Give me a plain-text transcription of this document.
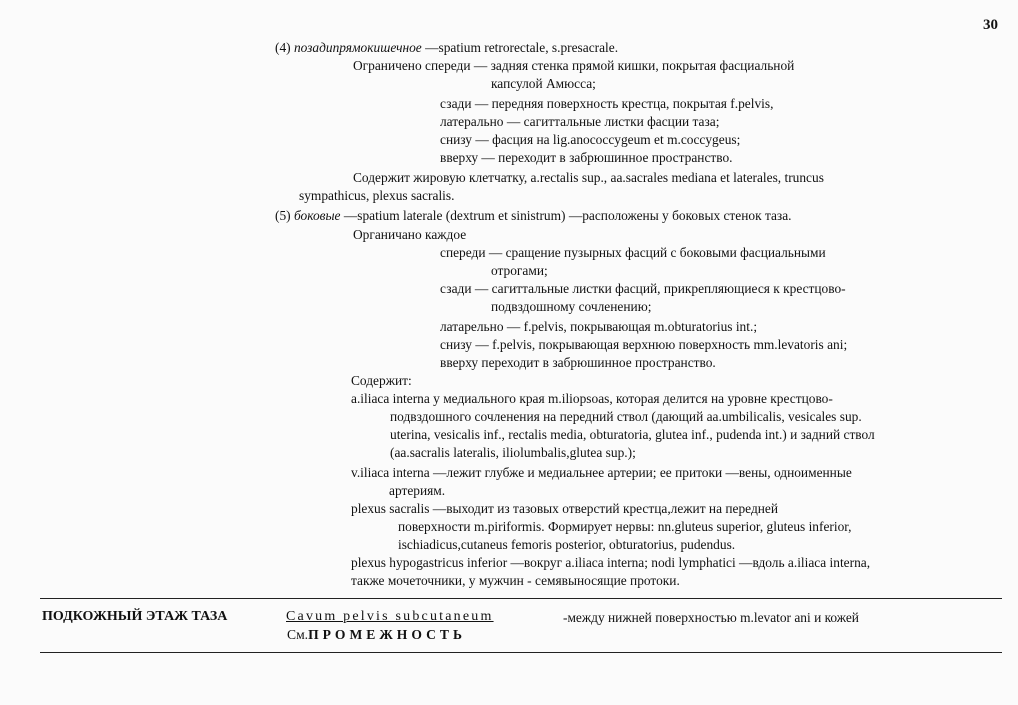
30
(4) позадипрямокишечное —spatium retrorectale, s.presacrale.
Ограничено спереди — задняя стенка прямой кишки, покрытая фасциальной
капсулой Амюсса;
сзади — передняя поверхность крестца, покрытая f.pelvis,
латерально — сагиттальные листки фасции таза;
снизу — фасция на lig.anococcygeum et m.coccygeus;
вверху — переходит в забрюшинное пространство.
Содержит жировую клетчатку, a.rectalis sup., aa.sacrales mediana et laterales, truncus
sympathicus, plexus sacralis.
(5) боковые —spatium laterale (dextrum et sinistrum) —расположены у боковых стенок таза.
Органичано каждое
спереди — сращение пузырных фасций с боковыми фасциальными
отрогами;
сзади — сагиттальные листки фасций, прикрепляющиеся к крестцово-
подвздошному сочленению;
латарельно — f.pelvis, покрывающая m.obturatorius int.;
снизу — f.pelvis, покрывающая верхнюю поверхность mm.levatoris ani;
вверху переходит в забрюшинное пространство.
Содержит:
a.iliaca interna у медиального края m.iliopsoas, которая делится на уровне крестцово-
подвздошного сочленения на передний ствол (дающий aa.umbilicalis, vesicales sup.
uterina, vesicalis inf., rectalis media, obturatoria, glutea inf., pudenda int.) и задний ствол
(aa.sacralis lateralis, iliolumbalis,glutea sup.);
v.iliaca interna —лежит глубже и медиальнее артерии; ее притоки —вены, одноименные
артериям.
plexus sacralis —выходит из тазовых отверстий крестца,лежит на передней
поверхности m.piriformis. Формирует нервы: nn.gluteus superior, gluteus inferior,
ischiadicus,cutaneus femoris posterior, obturatorius, pudendus.
plexus hypogastricus inferior —вокруг a.iliaca interna; nodi lymphatici —вдоль a.iliaca interna,
также мочеточники, у мужчин - семявыносящие протоки.
ПОДКОЖНЫЙ ЭТАЖ ТАЗА	Cavum pelvis subcutaneum	-между нижней поверхностью m.levator ani и кожей
См.ПРОМЕЖНОСТЬ
